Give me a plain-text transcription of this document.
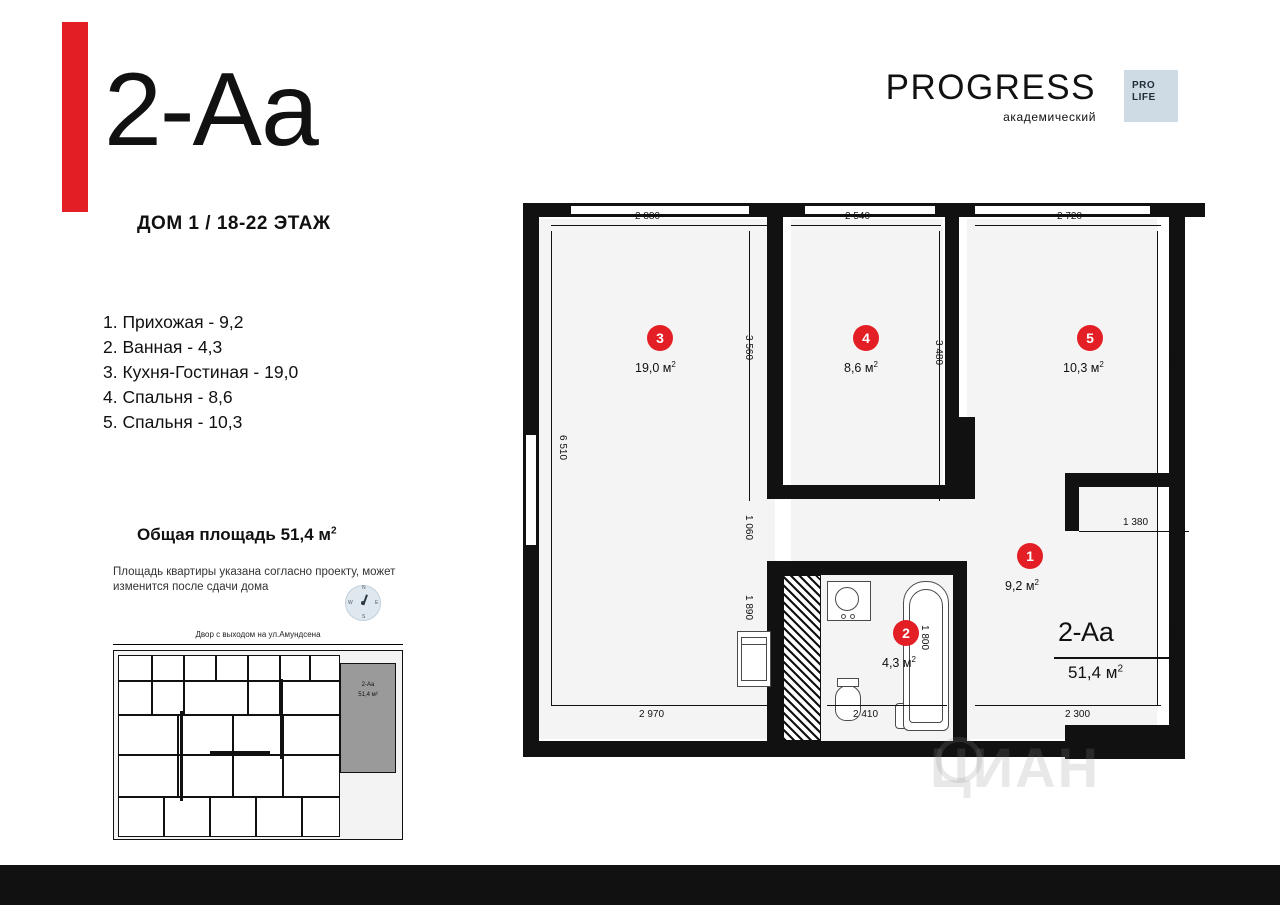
2-Аа
ДОМ 1 / 18-22 ЭТАЖ
1. Прихожая - 9,2
2. Ванная - 4,3
3. Кухня-Гостиная - 19,0
4. Спальня - 8,6
5. Спальня - 10,3
Общая площадь 51,4 $м^2$
Площадь квартиры указана согласно проекту, может изменится после сдачи дома	N
E
S
W
Двор с выходом на ул.Амундсена
2-Аа
51,4 м²
PROGRESS
академический
PRO
LIFE
2 880	2 540	2 720
6 510
1 060
1 890
3 560	3 480	4 080
2 350
1 800
1 380
2 970	2 410	2 300
3
19,0 $м^2$
4
8,6 $м^2$
5
10,3 $м^2$
1
9,2 $м^2$
2
4,3 $м^2$
2-Аа
51,4 $м^2$
ЦИАН
